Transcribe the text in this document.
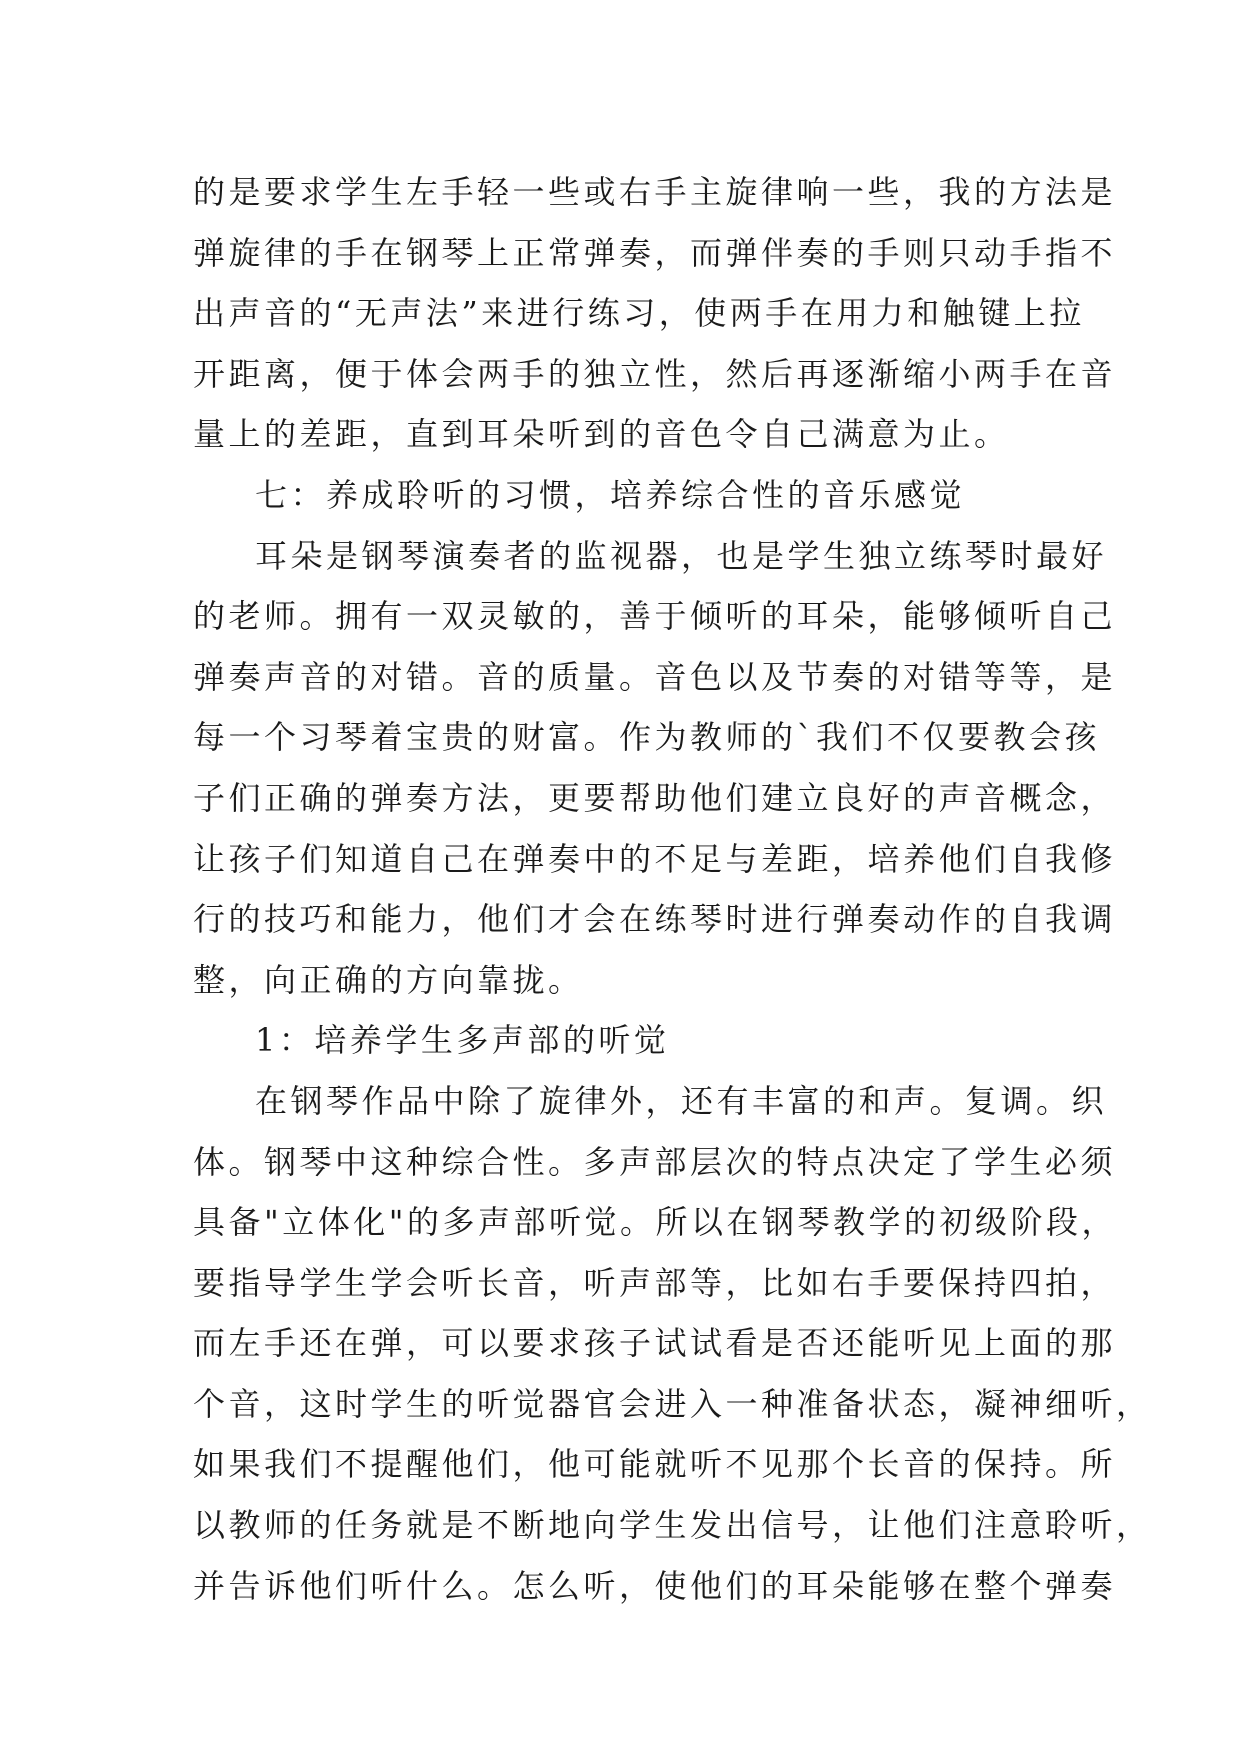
的是要求学生左手轻一些或右手主旋律响一些，我的方法是
弹旋律的手在钢琴上正常弹奏，而弹伴奏的手则只动手指不
出声音的“无声法”来进行练习，使两手在用力和触键上拉
开距离，便于体会两手的独立性，然后再逐渐缩小两手在音
量上的差距，直到耳朵听到的音色令自己满意为止。
七：养成聆听的习惯，培养综合性的音乐感觉
耳朵是钢琴演奏者的监视器，也是学生独立练琴时最好
的老师。拥有一双灵敏的，善于倾听的耳朵，能够倾听自己
弹奏声音的对错。音的质量。音色以及节奏的对错等等，是
每一个习琴着宝贵的财富。作为教师的`我们不仅要教会孩
子们正确的弹奏方法，更要帮助他们建立良好的声音概念，
让孩子们知道自己在弹奏中的不足与差距，培养他们自我修
行的技巧和能力，他们才会在练琴时进行弹奏动作的自我调
整，向正确的方向靠拢。
1：培养学生多声部的听觉
在钢琴作品中除了旋律外，还有丰富的和声。复调。织
体。钢琴中这种综合性。多声部层次的特点决定了学生必须
具备"立体化"的多声部听觉。所以在钢琴教学的初级阶段，
要指导学生学会听长音，听声部等，比如右手要保持四拍，
而左手还在弹，可以要求孩子试试看是否还能听见上面的那
个音，这时学生的听觉器官会进入一种准备状态，凝神细听，
如果我们不提醒他们，他可能就听不见那个长音的保持。所
以教师的任务就是不断地向学生发出信号，让他们注意聆听，
并告诉他们听什么。怎么听，使他们的耳朵能够在整个弹奏
